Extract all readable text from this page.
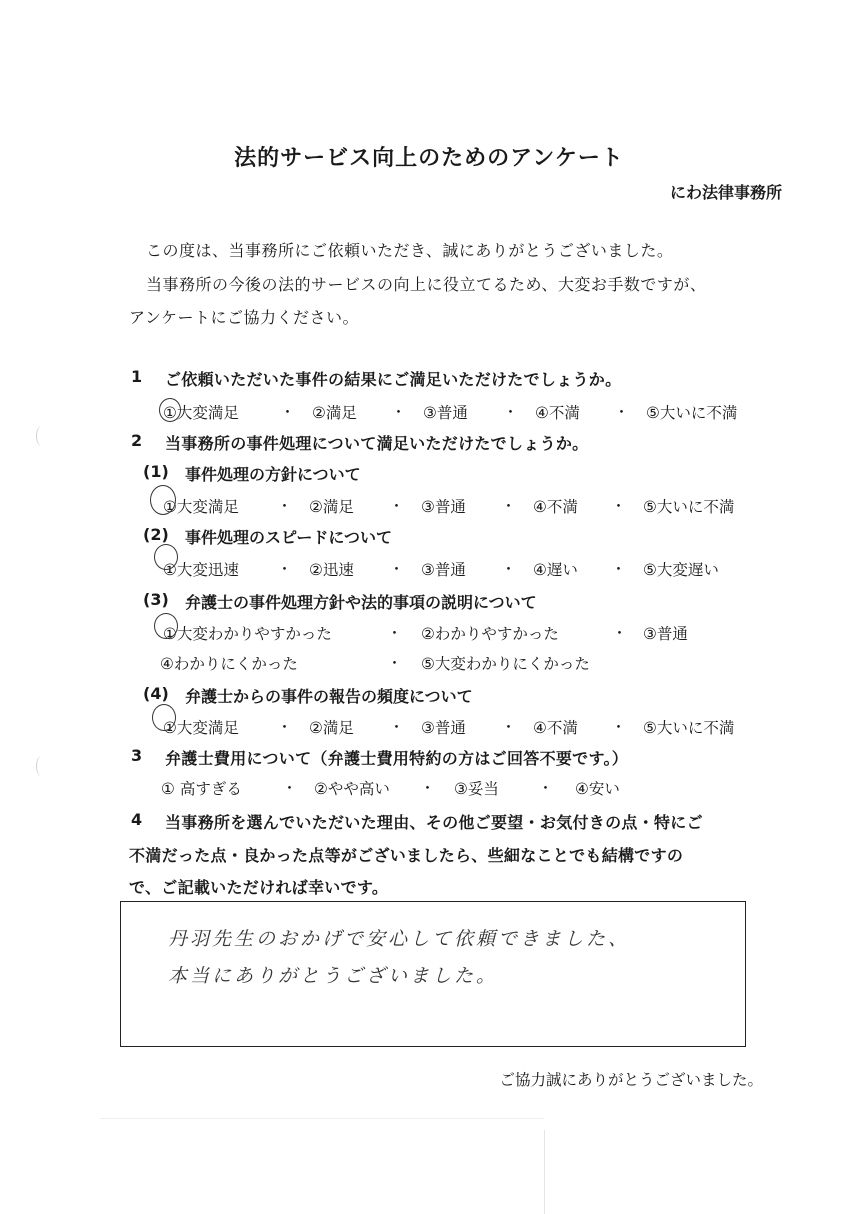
法的サービス向上のためのアンケート
にわ法律事務所
この度は、当事務所にご依頼いただき、誠にありがとうございました。
当事務所の今後の法的サービスの向上に役立てるため、大変お手数ですが、
アンケートにご協力ください。
1 ご依頼いただいた事件の結果にご満足いただけたでしょうか。
①大変満足	・ ②満足 ・ ③普通 ・ ④不満 ・ ⑤大いに不満
2 当事務所の事件処理について満足いただけたでしょうか。
(1) 事件処理の方針について
①大変満足	・ ②満足 ・ ③普通 ・ ④不満 ・ ⑤大いに不満
(2) 事件処理のスピードについて
①大変迅速	・ ②迅速 ・ ③普通 ・ ④遅い ・ ⑤大変遅い
(3) 弁護士の事件処理方針や法的事項の説明について
①大変わかりやすかった	・ ②わかりやすかった	・ ③普通
④わかりにくかった	・ ⑤大変わかりにくかった
(4) 弁護士からの事件の報告の頻度について
①大変満足	・ ②満足 ・ ③普通 ・ ④不満 ・ ⑤大いに不満
3 弁護士費用について（弁護士費用特約の方はご回答不要です。）
① 高すぎる	・ ②やや高い ・ ③妥当	・ ④安い
4 当事務所を選んでいただいた理由、その他ご要望・お気付きの点・特にご
不満だった点・良かった点等がございましたら、些細なことでも結構ですの
で、ご記載いただければ幸いです。
丹羽先生のおかげで安心して依頼できました、
本当にありがとうございました。
ご協力誠にありがとうございました。
